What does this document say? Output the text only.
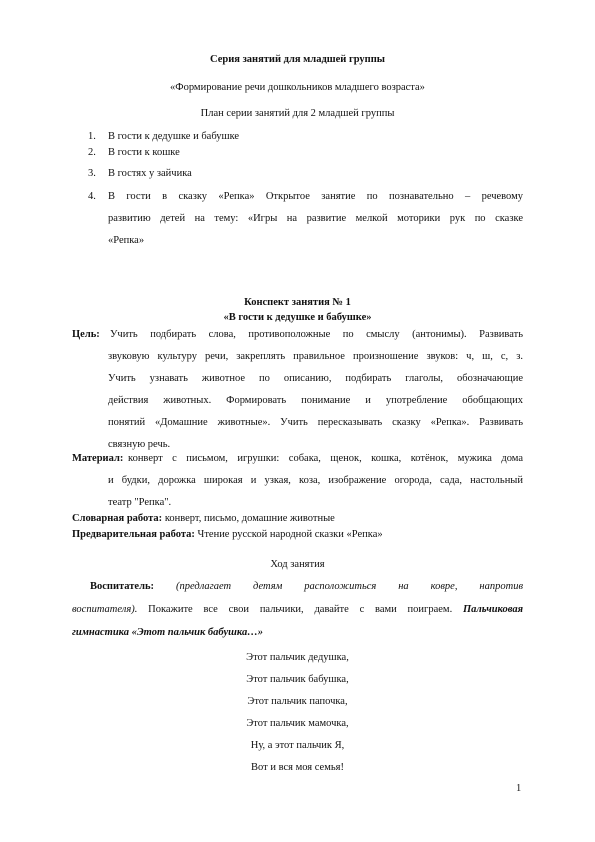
Серия занятий для младшей группы
«Формирование речи дошкольников младшего возраста»
План серии занятий для 2 младшей группы
1. В гости к дедушке и бабушке
2. В гости к кошке
3. В гостях у зайчика
4. В гости в сказку «Репка» Открытое занятие по познавательно – речевому
развитию детей на тему: «Игры на развитие мелкой моторики рук по сказке
«Репка»
Конспект занятия № 1
«В гости к дедушке и бабушке»
Цель: Учить подбирать слова, противоположные по смыслу (антонимы). Развивать
звуковую культуру речи, закреплять правильное произношение звуков: ч, ш, с, з.
Учить узнавать животное по описанию, подбирать глаголы, обозначающие
действия животных. Формировать понимание и употребление обобщающих
понятий «Домашние животные». Учить пересказывать сказку «Репка». Развивать
связную речь.
Материал: конверт с письмом, игрушки: собака, щенок, кошка, котёнок, мужика дома
и будки, дорожка широкая и узкая, коза, изображение огорода, сада, настольный
театр "Репка".
Словарная работа: конверт, письмо, домашние животные
Предварительная работа: Чтение русской народной сказки «Репка»
Ход занятия
Воспитатель: (предлагает детям расположиться на ковре, напротив
воспитателя). Покажите все свои пальчики, давайте с вами поиграем. Пальчиковая
гимнастика «Этот пальчик бабушка…»
Этот пальчик дедушка,
Этот пальчик бабушка,
Этот пальчик папочка,
Этот пальчик мамочка,
Ну, а этот пальчик Я,
Вот и вся моя семья!
1
